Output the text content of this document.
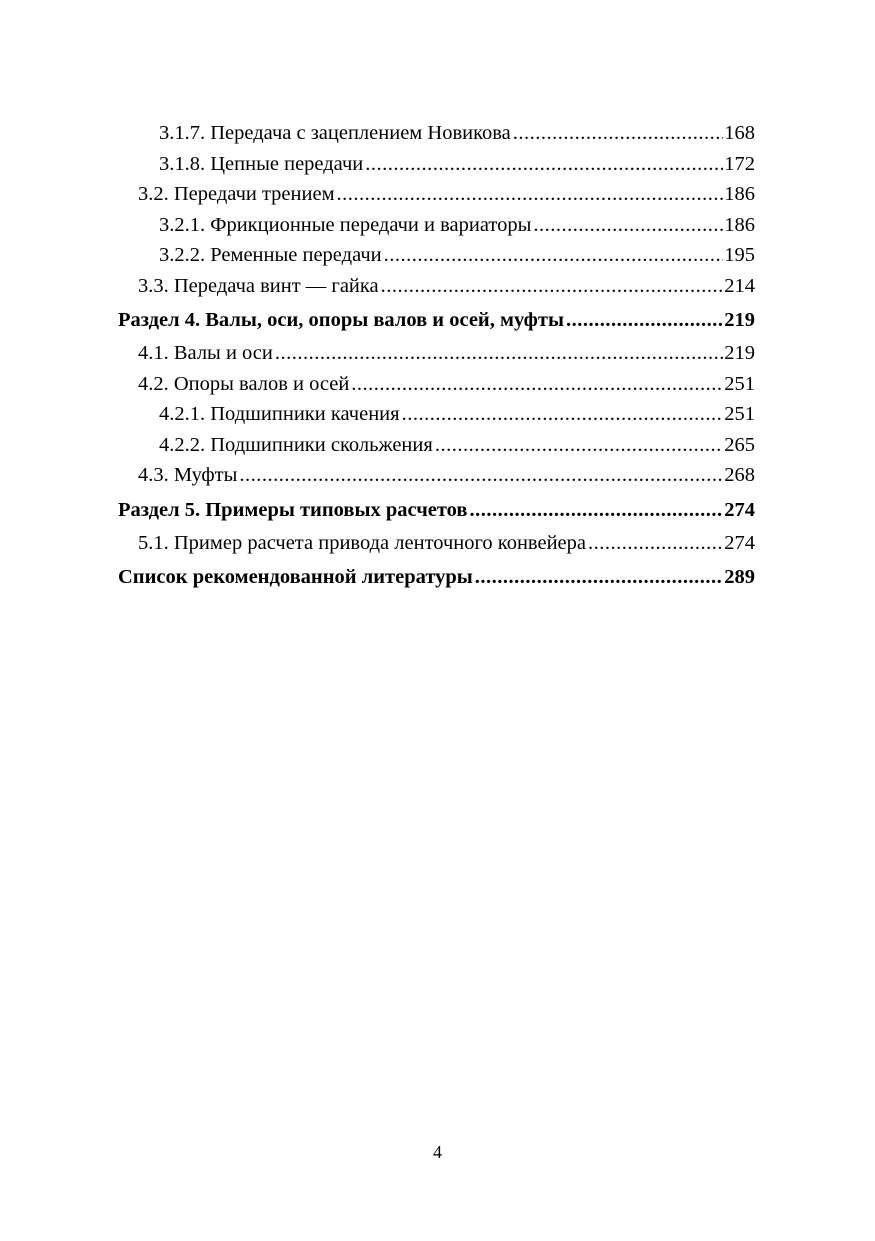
3.1.7. Передача с зацеплением Новикова .....	168
3.1.8. Цепные передачи .....	172
3.2. Передачи трением .....	186
3.2.1. Фрикционные передачи и вариаторы .....	186
3.2.2. Ременные передачи .....	195
3.3. Передача винт — гайка .....	214
Раздел 4. Валы, оси, опоры валов и осей, муфты .....	219
4.1. Валы и оси .....	219
4.2. Опоры валов и осей .....	251
4.2.1. Подшипники качения .....	251
4.2.2. Подшипники скольжения .....	265
4.3. Муфты .....	268
Раздел 5. Примеры типовых расчетов .....	274
5.1. Пример расчета привода ленточного конвейера .....	274
Список рекомендованной литературы .....	289
4
